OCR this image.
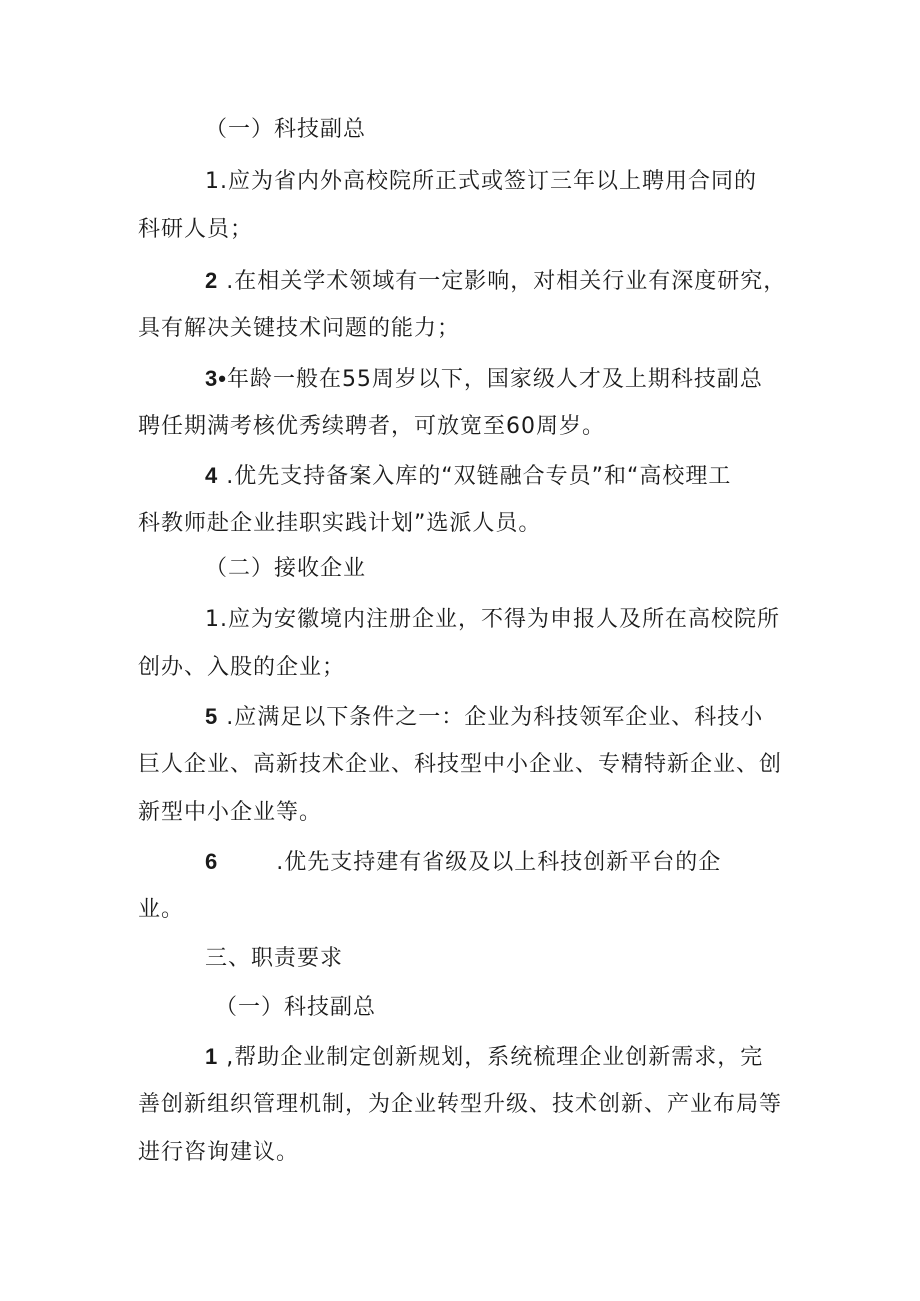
（一）科技副总
1.应为省内外高校院所正式或签订三年以上聘用合同的
科研人员；
2 .在相关学术领域有一定影响，对相关行业有深度研究，
具有解决关键技术问题的能力；
3•年龄一般在55周岁以下，国家级人才及上期科技副总
聘任期满考核优秀续聘者，可放宽至60周岁。
4 .优先支持备案入库的“双链融合专员”和“高校理工
科教师赴企业挂职实践计划”选派人员。
（二）接收企业
1.应为安徽境内注册企业，不得为申报人及所在高校院所
创办、入股的企业；
5 .应满足以下条件之一：企业为科技领军企业、科技小
巨人企业、高新技术企业、科技型中小企业、专精特新企业、创
新型中小企业等。
6	.优先支持建有省级及以上科技创新平台的企
业。
三、职责要求
（一）科技副总
1 ,帮助企业制定创新规划，系统梳理企业创新需求，完
善创新组织管理机制，为企业转型升级、技术创新、产业布局等
进行咨询建议。
